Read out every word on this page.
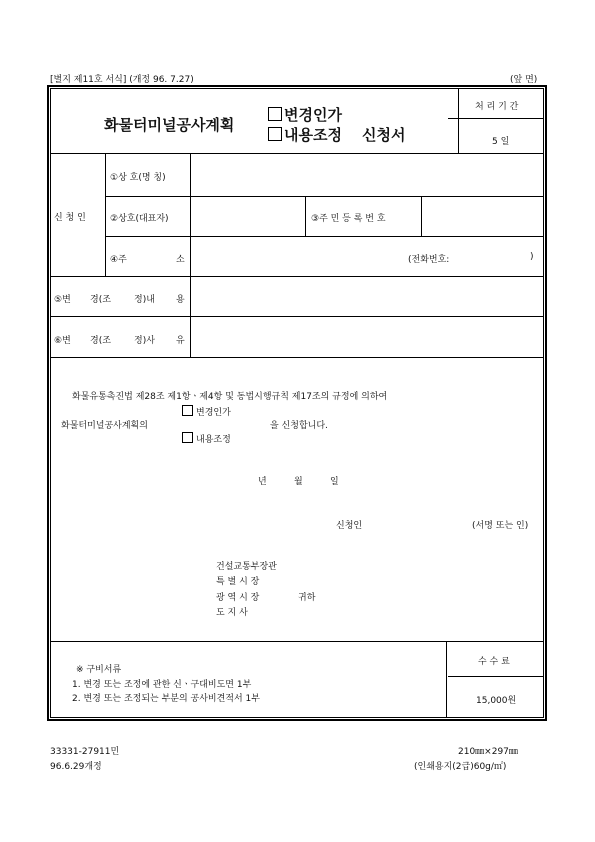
[별지 제11호 서식] (개정 96. 7.27)	(앞 면)
화물터미널공사계획
변경인가
내용조정 신청서
처 리 기 간
5 일
신 청 인
①상 호(명 칭)
②상호(대표자)	③주 민 등 록 번 호
④주	소	(전화번호:	)
⑤변 경(조	정)내 용
⑥변 경(조	정)사 유
화물유통촉진법 제28조 제1항ㆍ제4항 및 동법시행규칙 제17조의 규정에 의하여
변경인가
화물터미널공사계획의	을 신청합니다.
내용조정
년	월	일
신청인	(서명 또는 인)
건설교통부장관
특 별 시 장
광 역 시 장	귀하
도 지 사
※ 구비서류
1. 변경 또는 조정에 관한 신ㆍ구대비도면 1부
2. 변경 또는 조정되는 부분의 공사비견적서 1부
수 수 료
15,000원
33331-27911민
96.6.29개정
210㎜×297㎜
(인쇄용지(2급)60g/㎡)
